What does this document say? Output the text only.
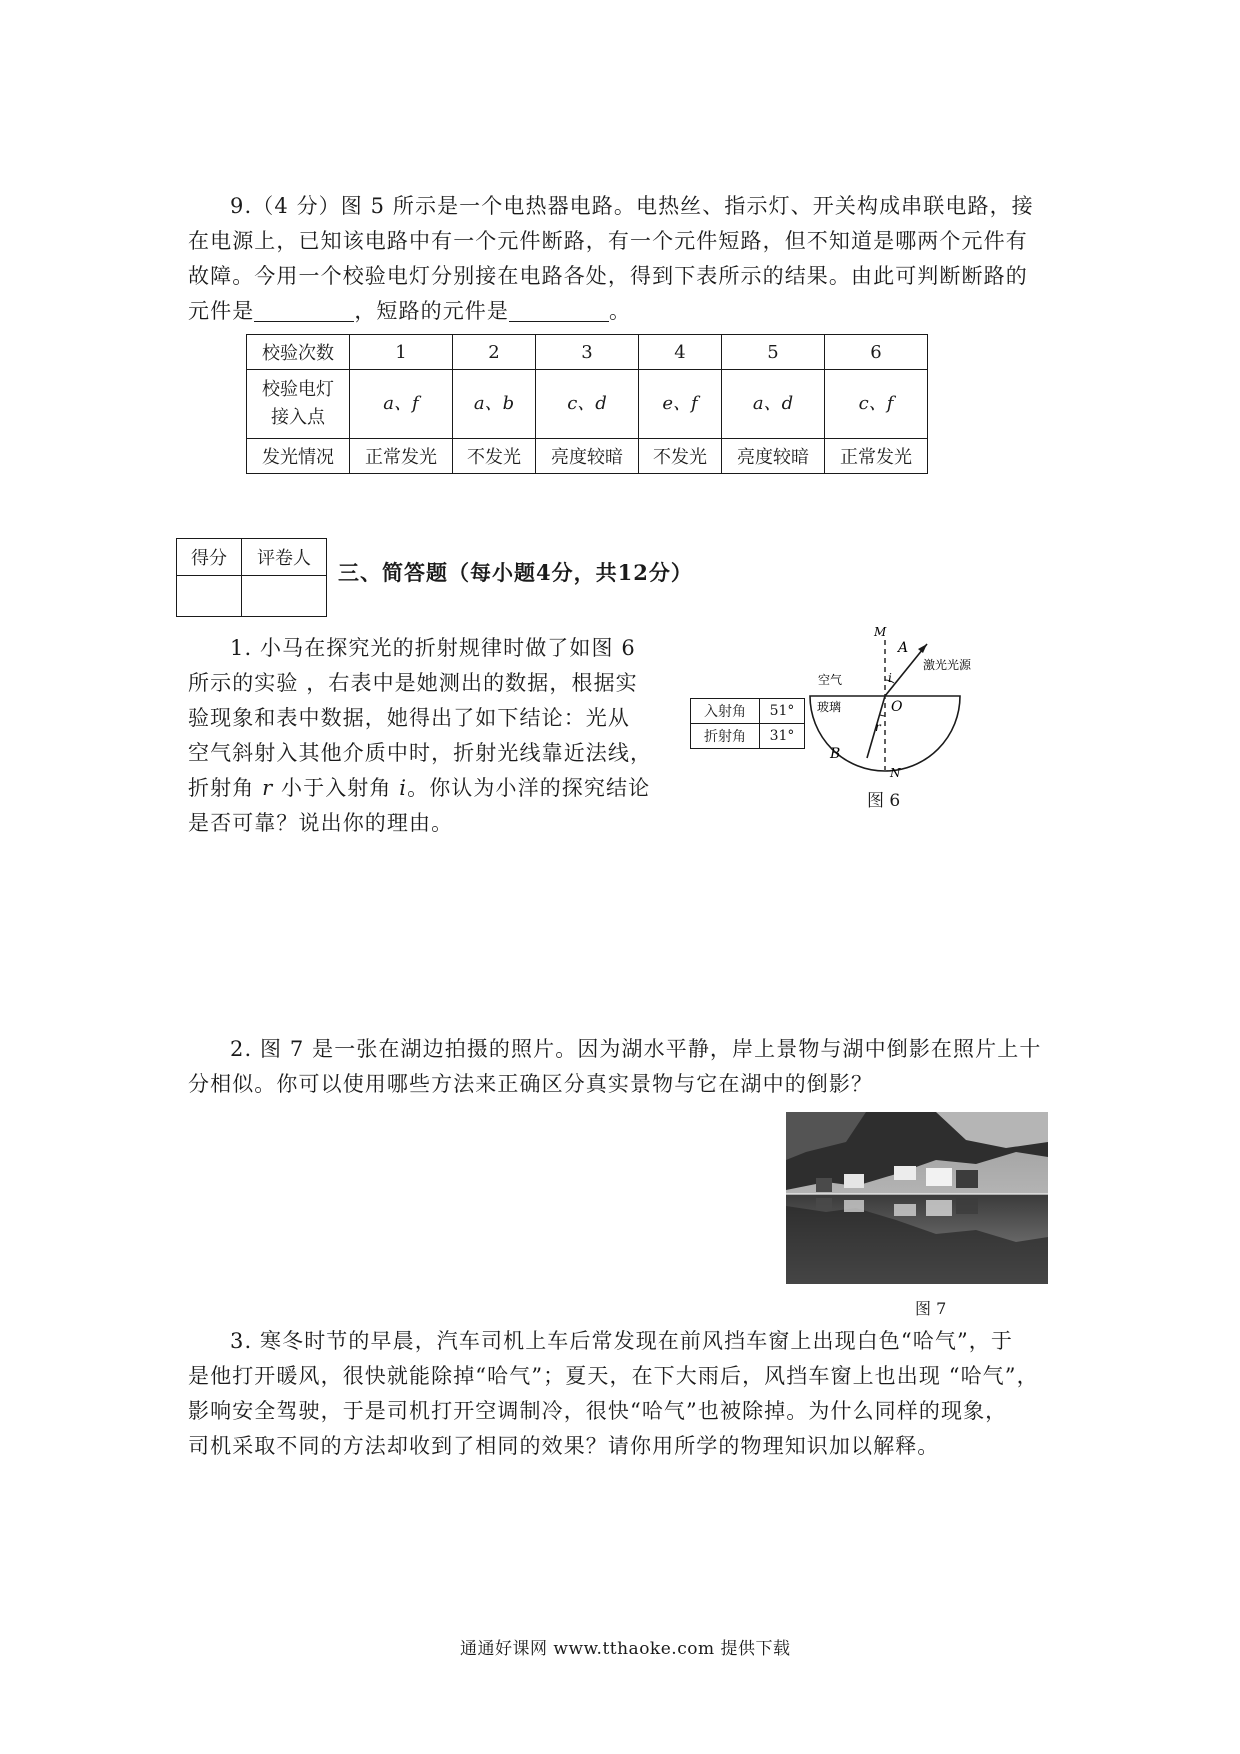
9.（4 分）图 5 所示是一个电热器电路。电热丝、指示灯、开关构成串联电路，接
在电源上，已知该电路中有一个元件断路，有一个元件短路，但不知道是哪两个元件有
故障。今用一个校验电灯分别接在电路各处，得到下表所示的结果。由此可判断断路的
元件是	，短路的元件是	。
校验次数	1	2	3	4	5	6

校验电灯
接入点	a、f	a、b	c、d	e、f	a、d	c、f
发光情况	正常发光	不发光	亮度较暗	不发光	亮度较暗	正常发光
得分	评卷人

三、简答题（每小题4分，共12分）
1. 小马在探究光的折射规律时做了如图 6
所示的实验 ，右表中是她测出的数据，根据实
验现象和表中数据，她得出了如下结论：光从
空气斜射入其他介质中时，折射光线靠近法线，
折射角 r 小于入射角 i。你认为小洋的探究结论
是否可靠？说出你的理由。
入射角	51°
折射角	31°
M
A
i
激光光源
空气
玻璃	O
r
B
N
图 6
2. 图 7 是一张在湖边拍摄的照片。因为湖水平静，岸上景物与湖中倒影在照片上十
分相似。你可以使用哪些方法来正确区分真实景物与它在湖中的倒影？
图 7
3. 寒冬时节的早晨，汽车司机上车后常发现在前风挡车窗上出现白色“哈气”，于
是他打开暖风，很快就能除掉“哈气”；夏天，在下大雨后，风挡车窗上也出现 “哈气”，
影响安全驾驶，于是司机打开空调制冷，很快“哈气”也被除掉。为什么同样的现象，
司机采取不同的方法却收到了相同的效果？请你用所学的物理知识加以解释。
通通好课网 www.tthaoke.com 提供下载
